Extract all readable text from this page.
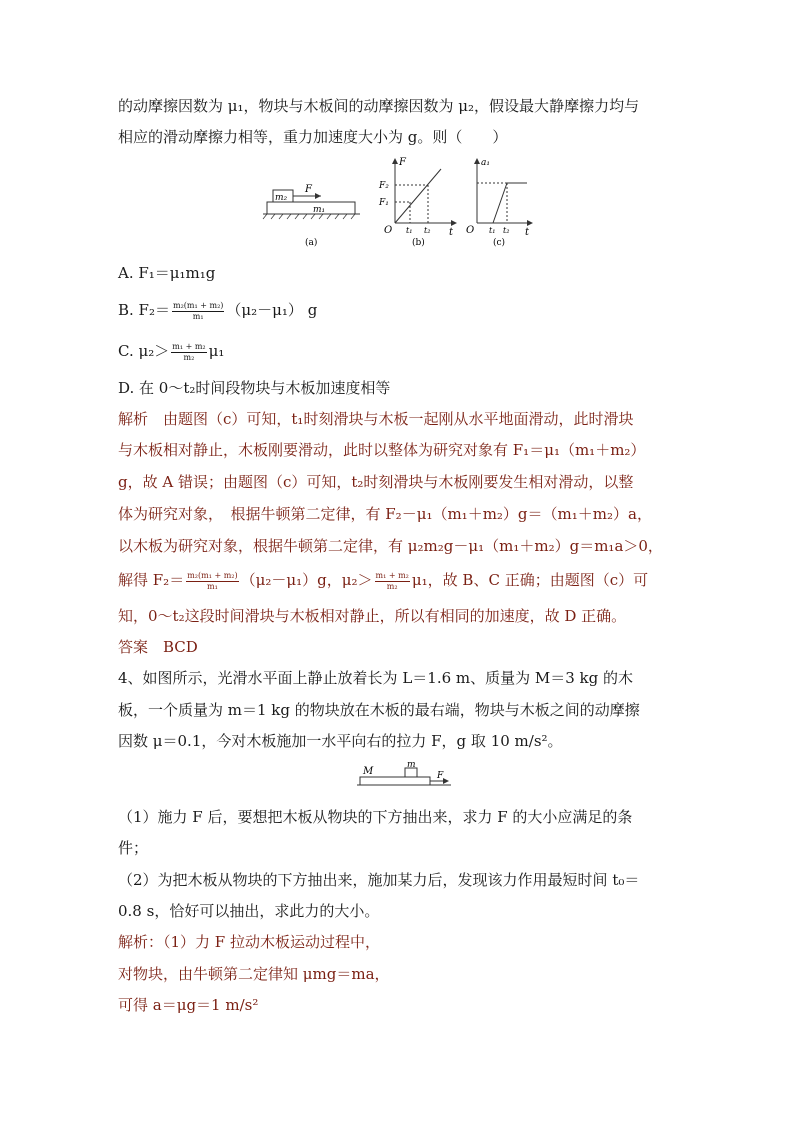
的动摩擦因数为 μ₁，物块与木板间的动摩擦因数为 μ₂，假设最大静摩擦力均与
相应的滑动摩擦力相等，重力加速度大小为 g。则（　　）
m₂
F
m₁
(a)
F
t
O
F₂
F₁
t₁ t₂
(b)
a₁
t
O t₁ t₂
(c)
A. F₁＝μ₁m₁g
B. $F_2= \frac{\text{m₂(m₁ + m₂)}}{\text{m₁}} (\mu_2-\mu_1)$ g
C. $\mu_2> \frac{\text{m₁ + m₂}}{\text{m₂}} \mu_1$
D. 在 0～t₂时间段物块与木板加速度相等
解析　由题图（c）可知，t₁时刻滑块与木板一起刚从水平地面滑动，此时滑块
与木板相对静止，木板刚要滑动，此时以整体为研究对象有 F₁＝μ₁（m₁＋m₂）
g，故 A 错误；由题图（c）可知，t₂时刻滑块与木板刚要发生相对滑动，以整
体为研究对象，　根据牛顿第二定律，有 F₂－μ₁（m₁＋m₂）g＝（m₁＋m₂）a，
以木板为研究对象，根据牛顿第二定律，有 μ₂m₂g－μ₁（m₁＋m₂）g＝m₁a＞0，
解得 $F_2= \frac{\text{m₂(m₁ + m₂)}}{\text{m₁}} (\mu_2-\mu_1)g$，$\mu_2> \frac{\text{m₁ + m₂}}{\text{m₂}} \mu_1$，故 B、C 正确；由题图（c）可
知，0～t₂这段时间滑块与木板相对静止，所以有相同的加速度，故 D 正确。
答案　BCD
4、如图所示，光滑水平面上静止放着长为 L＝1.6 m、质量为 M＝3 kg 的木
板，一个质量为 m＝1 kg 的物块放在木板的最右端，物块与木板之间的动摩擦
因数 μ＝0.1，今对木板施加一水平向右的拉力 F，g 取 10 m/s²。
M
m
F
（1）施力 F 后，要想把木板从物块的下方抽出来，求力 F 的大小应满足的条
件；
（2）为把木板从物块的下方抽出来，施加某力后，发现该力作用最短时间 t₀＝
0.8 s，恰好可以抽出，求此力的大小。
解析：（1）力 F 拉动木板运动过程中，
对物块，由牛顿第二定律知 μmg＝ma，
可得 a＝μg＝1 m/s²
